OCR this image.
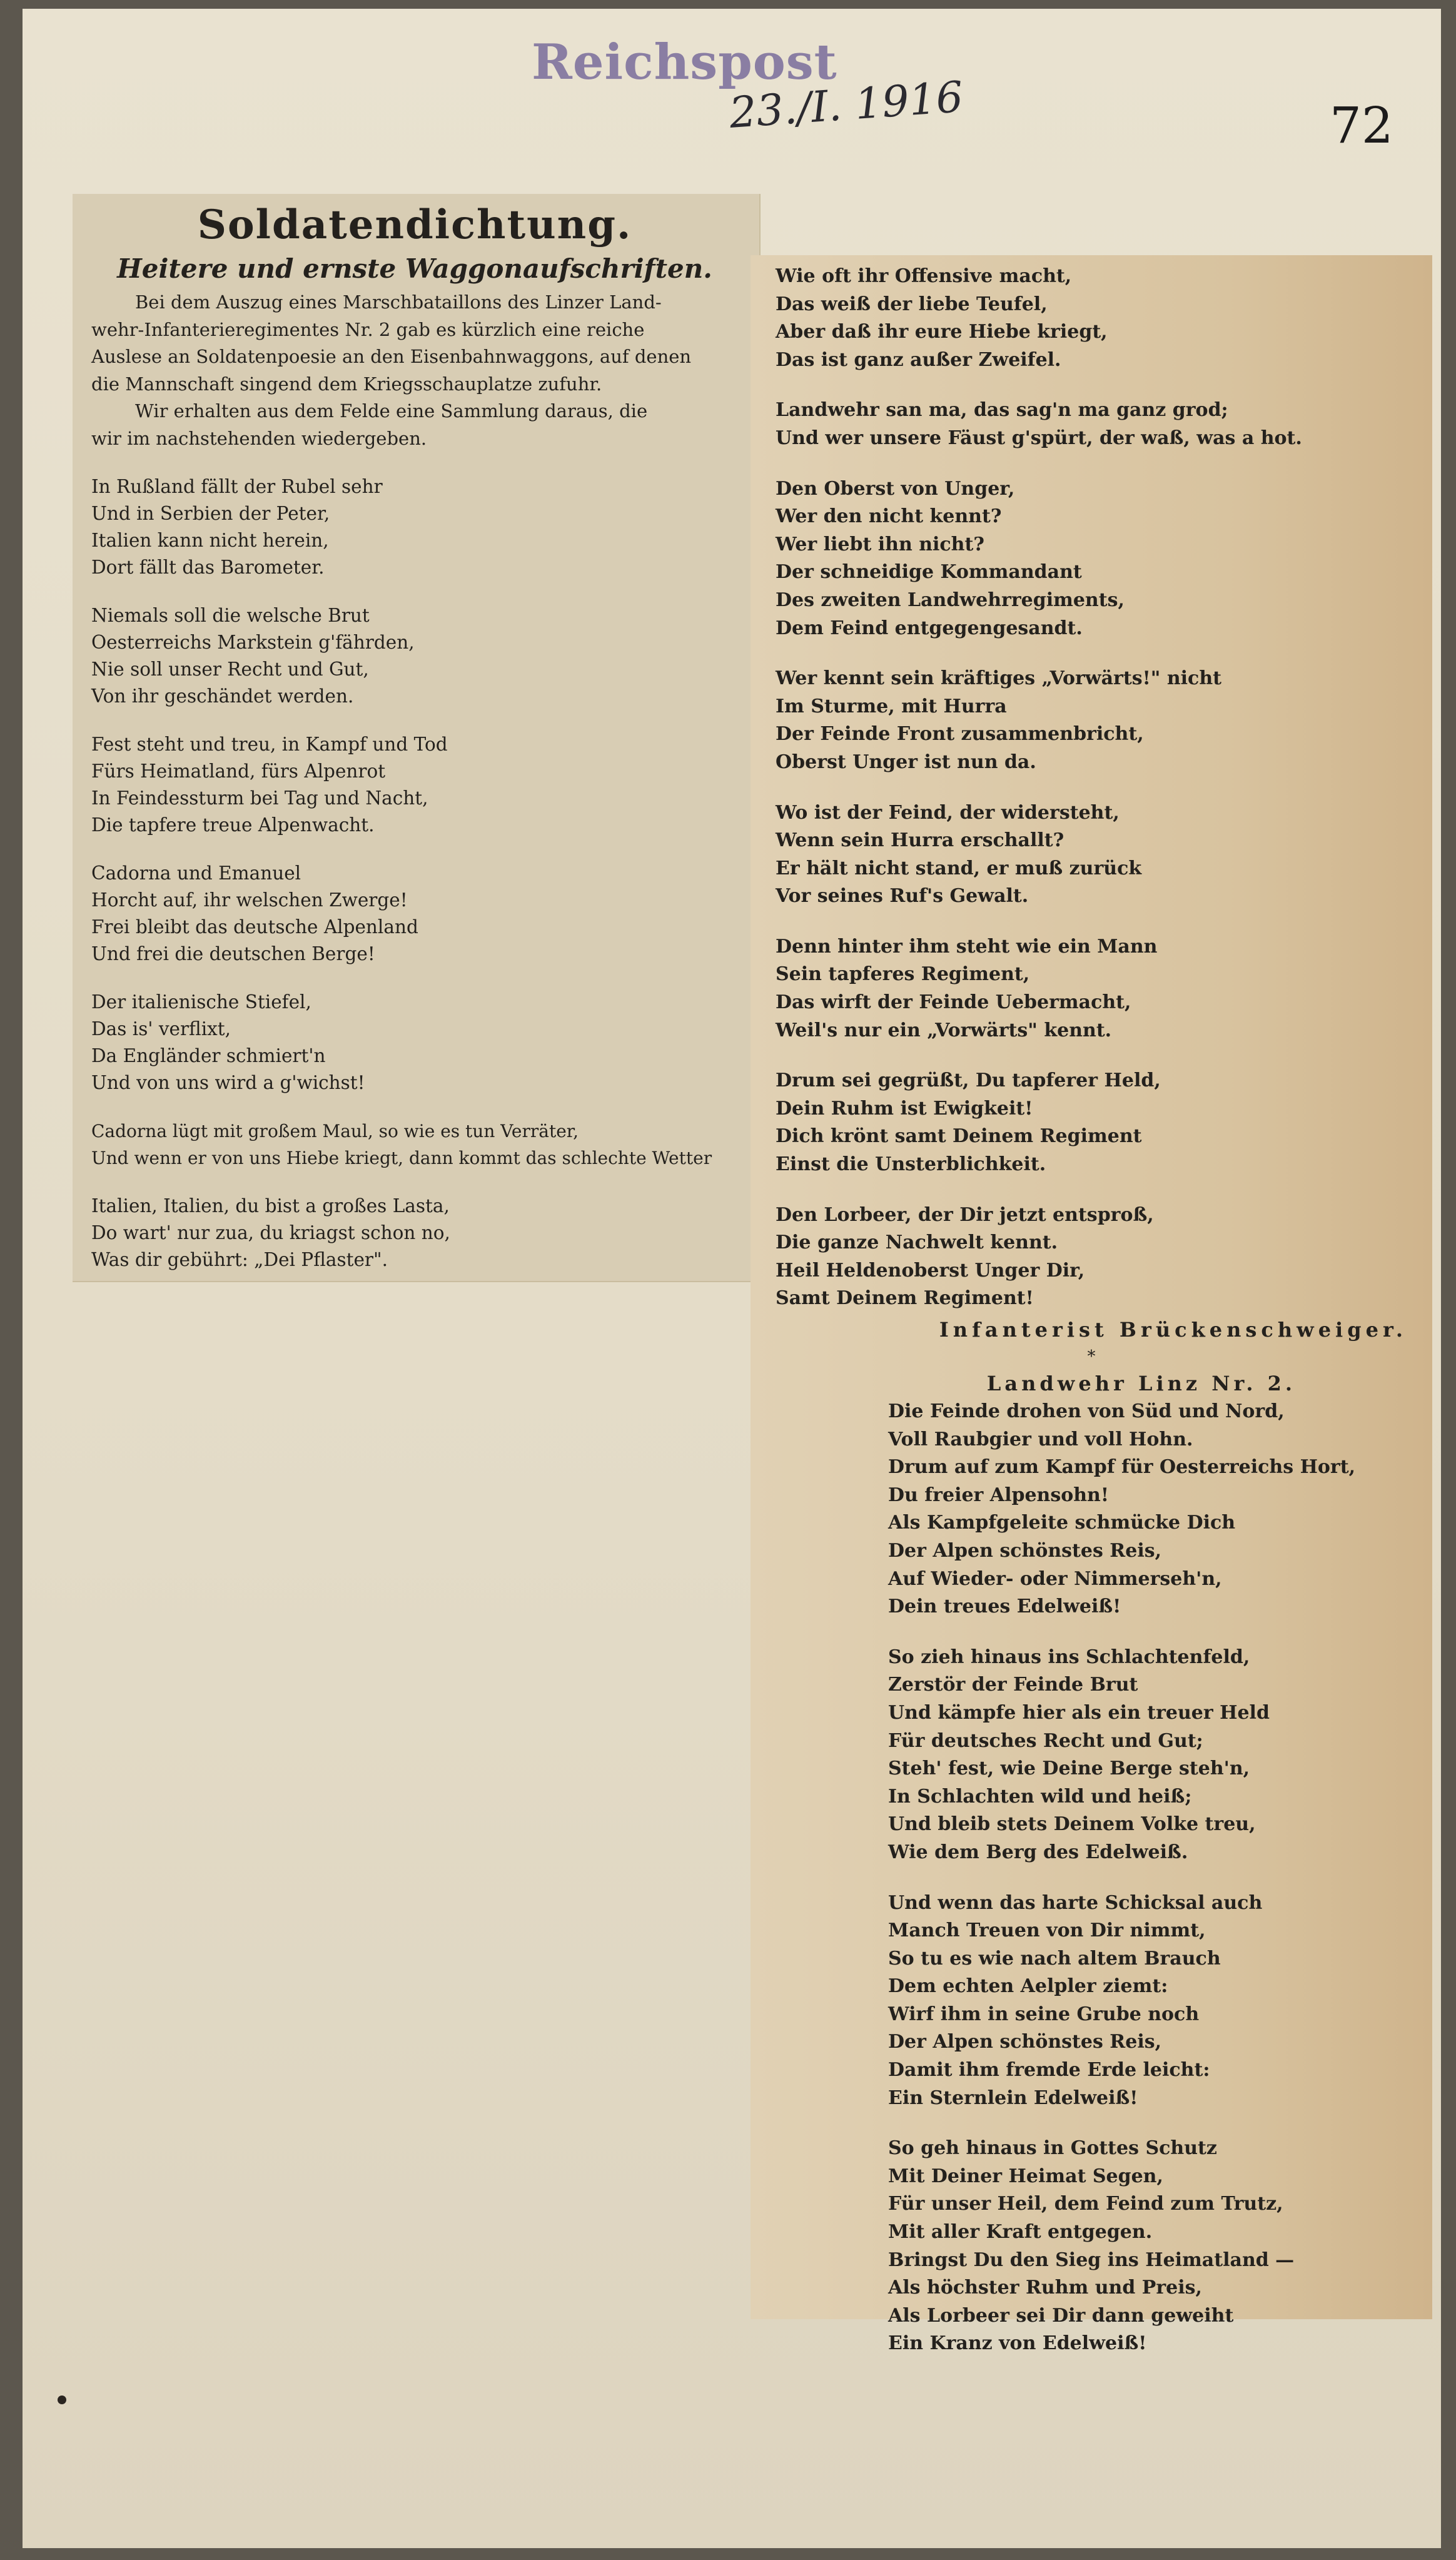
Reichspost
23./I. 1916	72
Soldatendichtung.
Heitere und ernste Waggonaufschriften.
Bei dem Auszug eines Marschbataillons des Linzer Land-
wehr-Infanterieregimentes Nr. 2 gab es kürzlich eine reiche
Auslese an Soldatenpoesie an den Eisenbahnwaggons, auf denen
die Mannschaft singend dem Kriegsschauplatze zufuhr.
Wir erhalten aus dem Felde eine Sammlung daraus, die
wir im nachstehenden wiedergeben.
In Rußland fällt der Rubel sehr
Und in Serbien der Peter,
Italien kann nicht herein,
Dort fällt das Barometer.
Niemals soll die welsche Brut
Oesterreichs Markstein g'fährden,
Nie soll unser Recht und Gut,
Von ihr geschändet werden.
Fest steht und treu, in Kampf und Tod
Fürs Heimatland, fürs Alpenrot
In Feindessturm bei Tag und Nacht,
Die tapfere treue Alpenwacht.
Cadorna und Emanuel
Horcht auf, ihr welschen Zwerge!
Frei bleibt das deutsche Alpenland
Und frei die deutschen Berge!
Der italienische Stiefel,
Das is' verflixt,
Da Engländer schmiert'n
Und von uns wird a g'wichst!
Cadorna lügt mit großem Maul, so wie es tun Verräter,
Und wenn er von uns Hiebe kriegt, dann kommt das schlechte Wetter
Italien, Italien, du bist a großes Lasta,
Do wart' nur zua, du kriagst schon no,
Was dir gebührt: „Dei Pflaster".
Wie oft ihr Offensive macht,
Das weiß der liebe Teufel,
Aber daß ihr eure Hiebe kriegt,
Das ist ganz außer Zweifel.
Landwehr san ma, das sag'n ma ganz grod;
Und wer unsere Fäust g'spürt, der waß, was a hot.
Den Oberst von Unger,
Wer den nicht kennt?
Wer liebt ihn nicht?
Der schneidige Kommandant
Des zweiten Landwehrregiments,
Dem Feind entgegengesandt.
Wer kennt sein kräftiges „Vorwärts!" nicht
Im Sturme, mit Hurra
Der Feinde Front zusammenbricht,
Oberst Unger ist nun da.
Wo ist der Feind, der widersteht,
Wenn sein Hurra erschallt?
Er hält nicht stand, er muß zurück
Vor seines Ruf's Gewalt.
Denn hinter ihm steht wie ein Mann
Sein tapferes Regiment,
Das wirft der Feinde Uebermacht,
Weil's nur ein „Vorwärts" kennt.
Drum sei gegrüßt, Du tapferer Held,
Dein Ruhm ist Ewigkeit!
Dich krönt samt Deinem Regiment
Einst die Unsterblichkeit.
Den Lorbeer, der Dir jetzt entsproß,
Die ganze Nachwelt kennt.
Heil Heldenoberst Unger Dir,
Samt Deinem Regiment!
Infanterist Brückenschweiger.
*
Landwehr Linz Nr. 2.
Die Feinde drohen von Süd und Nord,
Voll Raubgier und voll Hohn.
Drum auf zum Kampf für Oesterreichs Hort,
Du freier Alpensohn!
Als Kampfgeleite schmücke Dich
Der Alpen schönstes Reis,
Auf Wieder- oder Nimmerseh'n,
Dein treues Edelweiß!
So zieh hinaus ins Schlachtenfeld,
Zerstör der Feinde Brut
Und kämpfe hier als ein treuer Held
Für deutsches Recht und Gut;
Steh' fest, wie Deine Berge steh'n,
In Schlachten wild und heiß;
Und bleib stets Deinem Volke treu,
Wie dem Berg des Edelweiß.
Und wenn das harte Schicksal auch
Manch Treuen von Dir nimmt,
So tu es wie nach altem Brauch
Dem echten Aelpler ziemt:
Wirf ihm in seine Grube noch
Der Alpen schönstes Reis,
Damit ihm fremde Erde leicht:
Ein Sternlein Edelweiß!
So geh hinaus in Gottes Schutz
Mit Deiner Heimat Segen,
Für unser Heil, dem Feind zum Trutz,
Mit aller Kraft entgegen.
Bringst Du den Sieg ins Heimatland —
Als höchster Ruhm und Preis,
Als Lorbeer sei Dir dann geweiht
Ein Kranz von Edelweiß!
